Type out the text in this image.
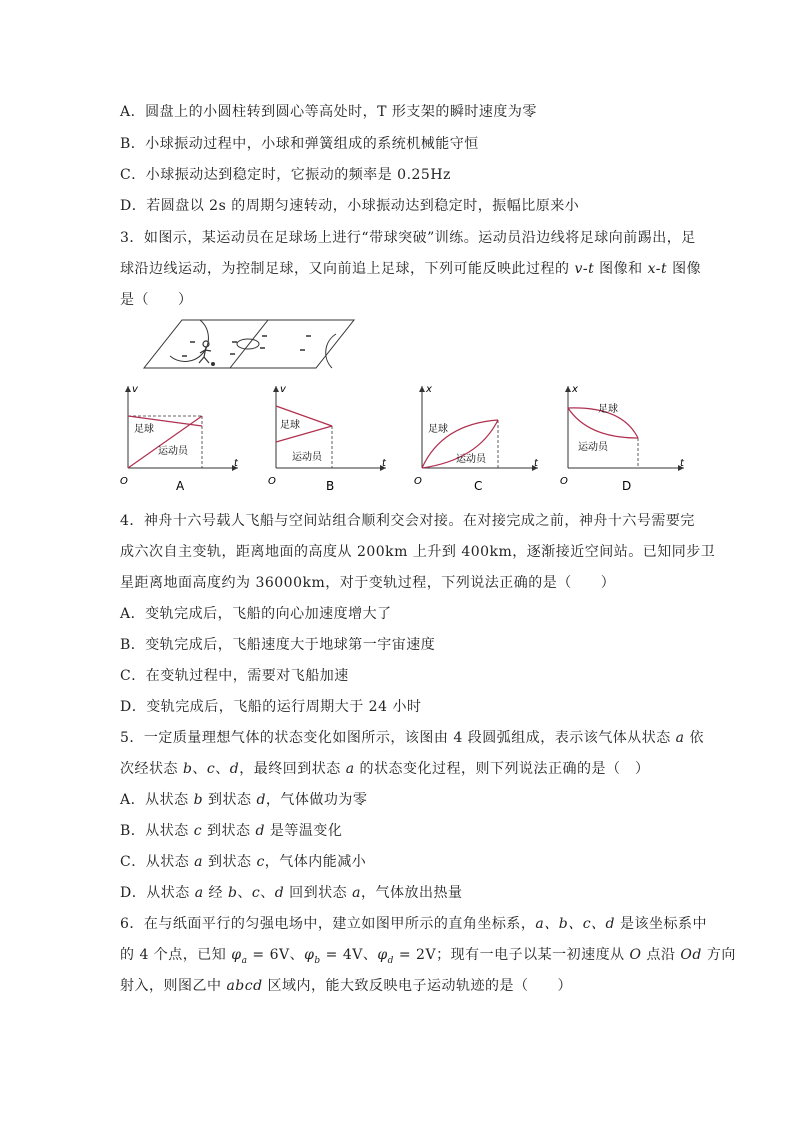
A．圆盘上的小圆柱转到圆心等高处时，T 形支架的瞬时速度为零
B．小球振动过程中，小球和弹簧组成的系统机械能守恒
C．小球振动达到稳定时，它振动的频率是 0.25Hz
D．若圆盘以 2s 的周期匀速转动，小球振动达到稳定时，振幅比原来小
3．如图示，某运动员在足球场上进行“带球突破”训练。运动员沿边线将足球向前踢出，足
球沿边线运动，为控制足球，又向前追上足球，下列可能反映此过程的 v-t 图像和 x-t 图像
是（　　）
v
t
O
足球
运动员
A
v
t
O
足球
运动员
B
x
t
O
足球
运动员
C
x
t
O
足球
运动员
D
4．神舟十六号载人飞船与空间站组合顺利交会对接。在对接完成之前，神舟十六号需要完
成六次自主变轨，距离地面的高度从 200km 上升到 400km，逐渐接近空间站。已知同步卫
星距离地面高度约为 36000km，对于变轨过程，下列说法正确的是（　　）
A．变轨完成后，飞船的向心加速度增大了
B．变轨完成后，飞船速度大于地球第一宇宙速度
C．在变轨过程中，需要对飞船加速
D．变轨完成后，飞船的运行周期大于 24 小时
5．一定质量理想气体的状态变化如图所示，该图由 4 段圆弧组成，表示该气体从状态 a 依
次经状态 b、c、d，最终回到状态 a 的状态变化过程，则下列说法正确的是（　）
A．从状态 b 到状态 d，气体做功为零
B．从状态 c 到状态 d 是等温变化
C．从状态 a 到状态 c，气体内能减小
D．从状态 a 经 b、c、d 回到状态 a，气体放出热量
6．在与纸面平行的匀强电场中，建立如图甲所示的直角坐标系，a、b、c、d 是该坐标系中
的 4 个点，已知 $\varphi_a = 6V$、$\varphi_b = 4V$、$\varphi_d = 2V$；现有一电子以某一初速度从 O 点沿 Od 方向
射入，则图乙中 abcd 区域内，能大致反映电子运动轨迹的是（　　）
